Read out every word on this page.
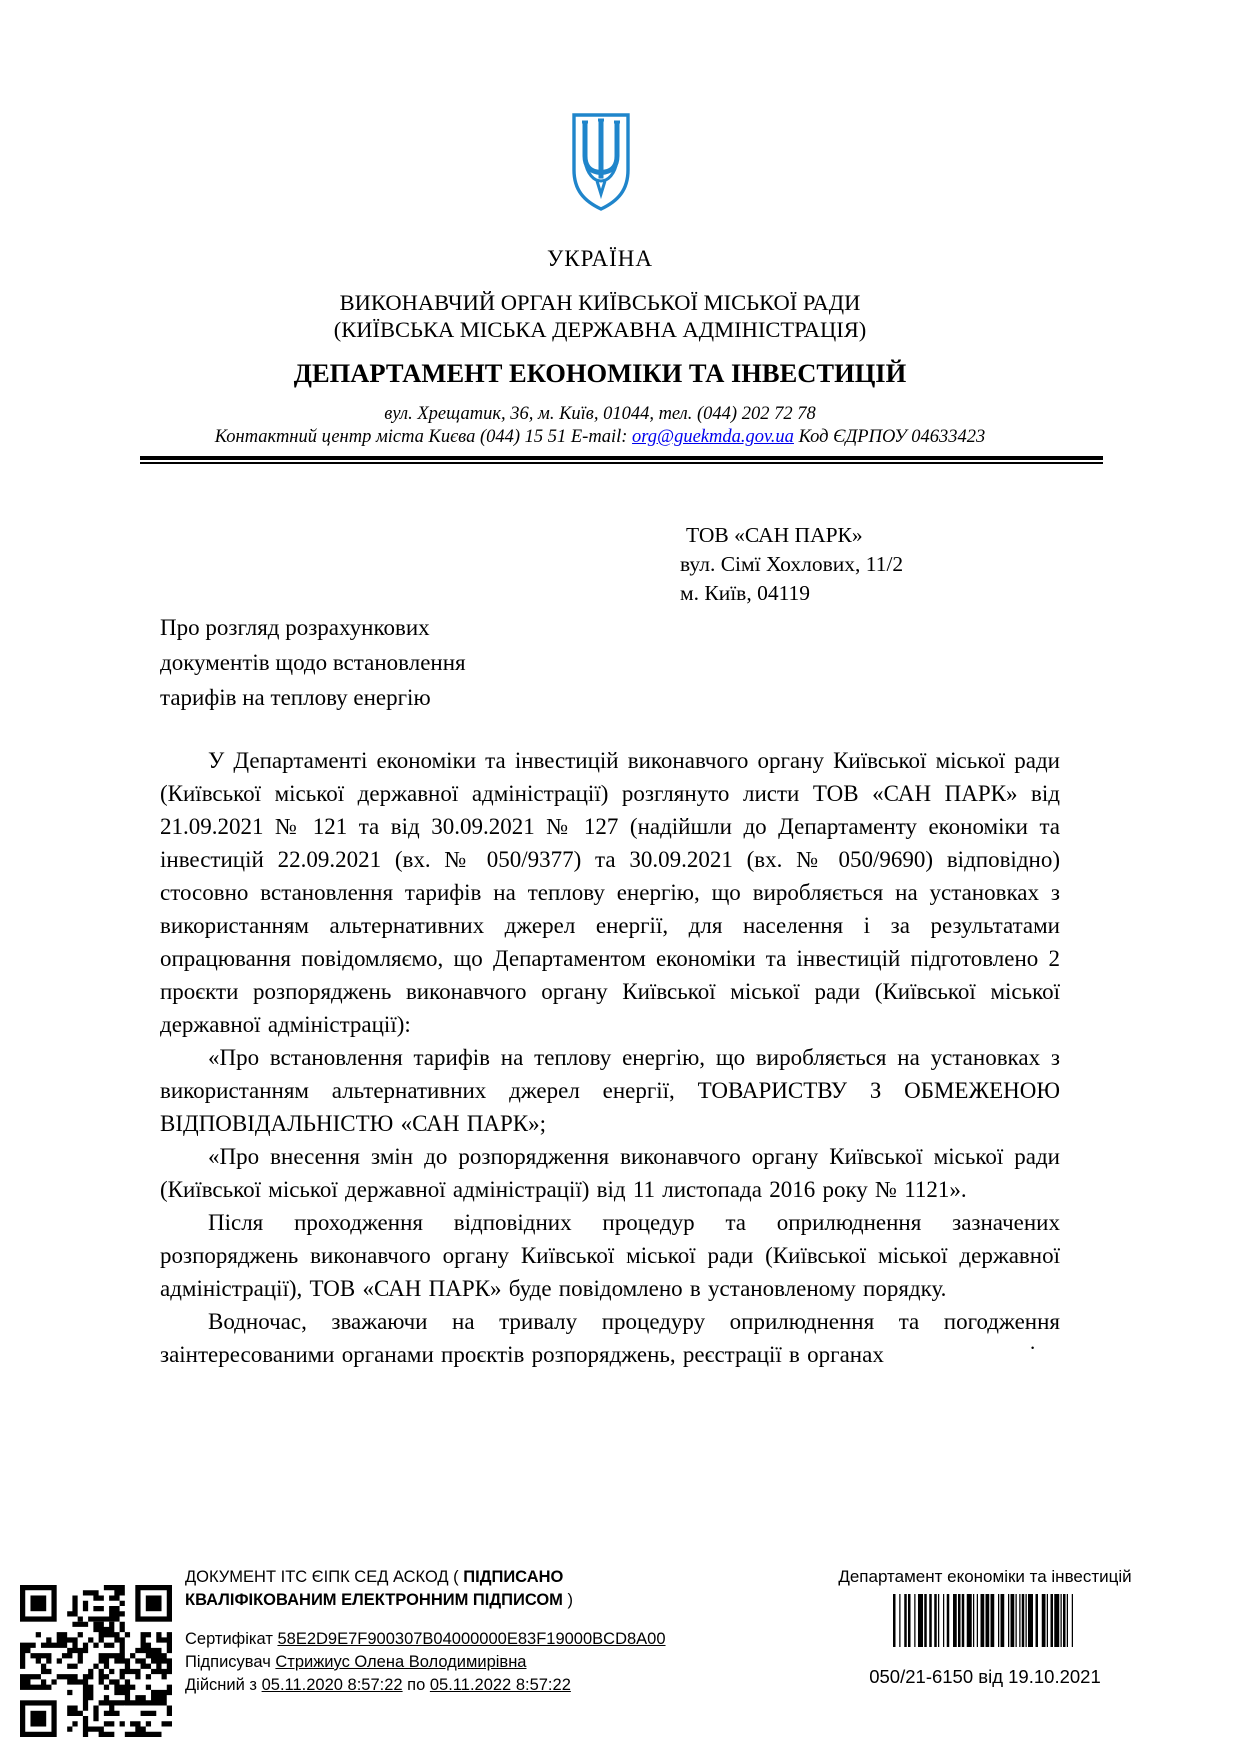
УКРАЇНА
ВИКОНАВЧИЙ ОРГАН КИЇВСЬКОЇ МІСЬКОЇ РАДИ
(КИЇВСЬКА МІСЬКА ДЕРЖАВНА АДМІНІСТРАЦІЯ)
ДЕПАРТАМЕНТ ЕКОНОМІКИ ТА ІНВЕСТИЦІЙ
вул. Хрещатик, 36, м. Київ, 01044, тел. (044) 202 72 78
Контактний центр міста Києва (044) 15 51 E-mail: org@guekmda.gov.ua Код ЄДРПОУ 04633423
ТОВ «САН ПАРК»
вул. Сімї Хохлових, 11/2
м. Київ, 04119
Про розгляд розрахункових
документів щодо встановлення
тарифів на теплову енергію

У Департаменті економіки та інвестицій виконавчого органу Київської міської ради (Київської міської державної адміністрації) розглянуто листи ТОВ «САН ПАРК» від 21.09.2021 № 121 та від 30.09.2021 № 127 (надійшли до Департаменту економіки та інвестицій 22.09.2021 (вх. № 050/9377) та 30.09.2021 (вх. № 050/9690) відповідно) стосовно встановлення тарифів на теплову енергію, що виробляється на установках з використанням альтернативних джерел енергії, для населення і за результатами опрацювання повідомляємо, що Департаментом економіки та інвестицій підготовлено 2 проєкти розпоряджень виконавчого органу Київської міської ради (Київської міської державної адміністрації):

«Про встановлення тарифів на теплову енергію, що виробляється на установках з використанням альтернативних джерел енергії, ТОВАРИСТВУ З ОБМЕЖЕНОЮ ВІДПОВІДАЛЬНІСТЮ «САН ПАРК»;

«Про внесення змін до розпорядження виконавчого органу Київської міської ради (Київської міської державної адміністрації) від 11 листопада 2016 року № 1121».

Після проходження відповідних процедур та оприлюднення зазначених розпоряджень виконавчого органу Київської міської ради (Київської міської державної адміністрації), ТОВ «САН ПАРК» буде повідомлено в установленому порядку.

Водночас, зважаючи на тривалу процедуру оприлюднення та погодження заінтересованими органами проєктів розпоряджень, реєстрації в органах	.
ДОКУМЕНТ ІТС ЄІПК СЕД АСКОД ( ПІДПИСАНО КВАЛІФІКОВАНИМ ЕЛЕКТРОННИМ ПІДПИСОМ )
Сертифікат 58E2D9E7F900307B04000000E83F19000BCD8A00
Підписувач Стрижиус Олена Володимирівна
Дійсний з 05.11.2020 8:57:22 по 05.11.2022 8:57:22
Департамент економіки та інвестицій
050/21-6150 від 19.10.2021
